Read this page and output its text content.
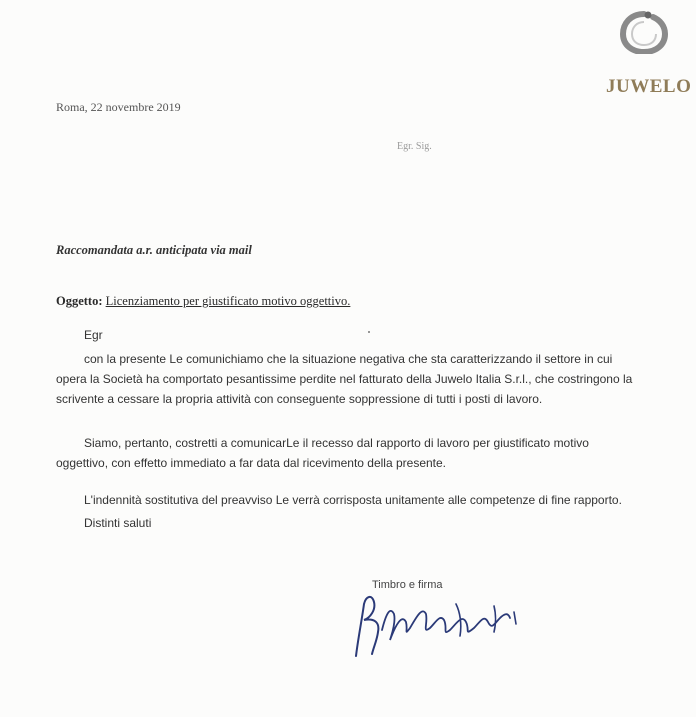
JUWELO
Roma, 22 novembre 2019
Egr. Sig.
Raccomandata a.r. anticipata via mail
Oggetto: Licenziamento per giustificato motivo oggettivo.
Egr
con la presente Le comunichiamo che la situazione negativa che sta caratterizzando il settore in cui
opera la Società ha comportato pesantissime perdite nel fatturato della Juwelo Italia S.r.l., che costringono la scrivente a cessare la propria attività con conseguente soppressione di tutti i posti di lavoro.
Siamo, pertanto, costretti a comunicarLe il recesso dal rapporto di lavoro per giustificato motivo
oggettivo, con effetto immediato a far data dal ricevimento della presente.
L'indennità sostitutiva del preavviso Le verrà corrisposta unitamente alle competenze di fine rapporto.
Distinti saluti
Timbro e firma
